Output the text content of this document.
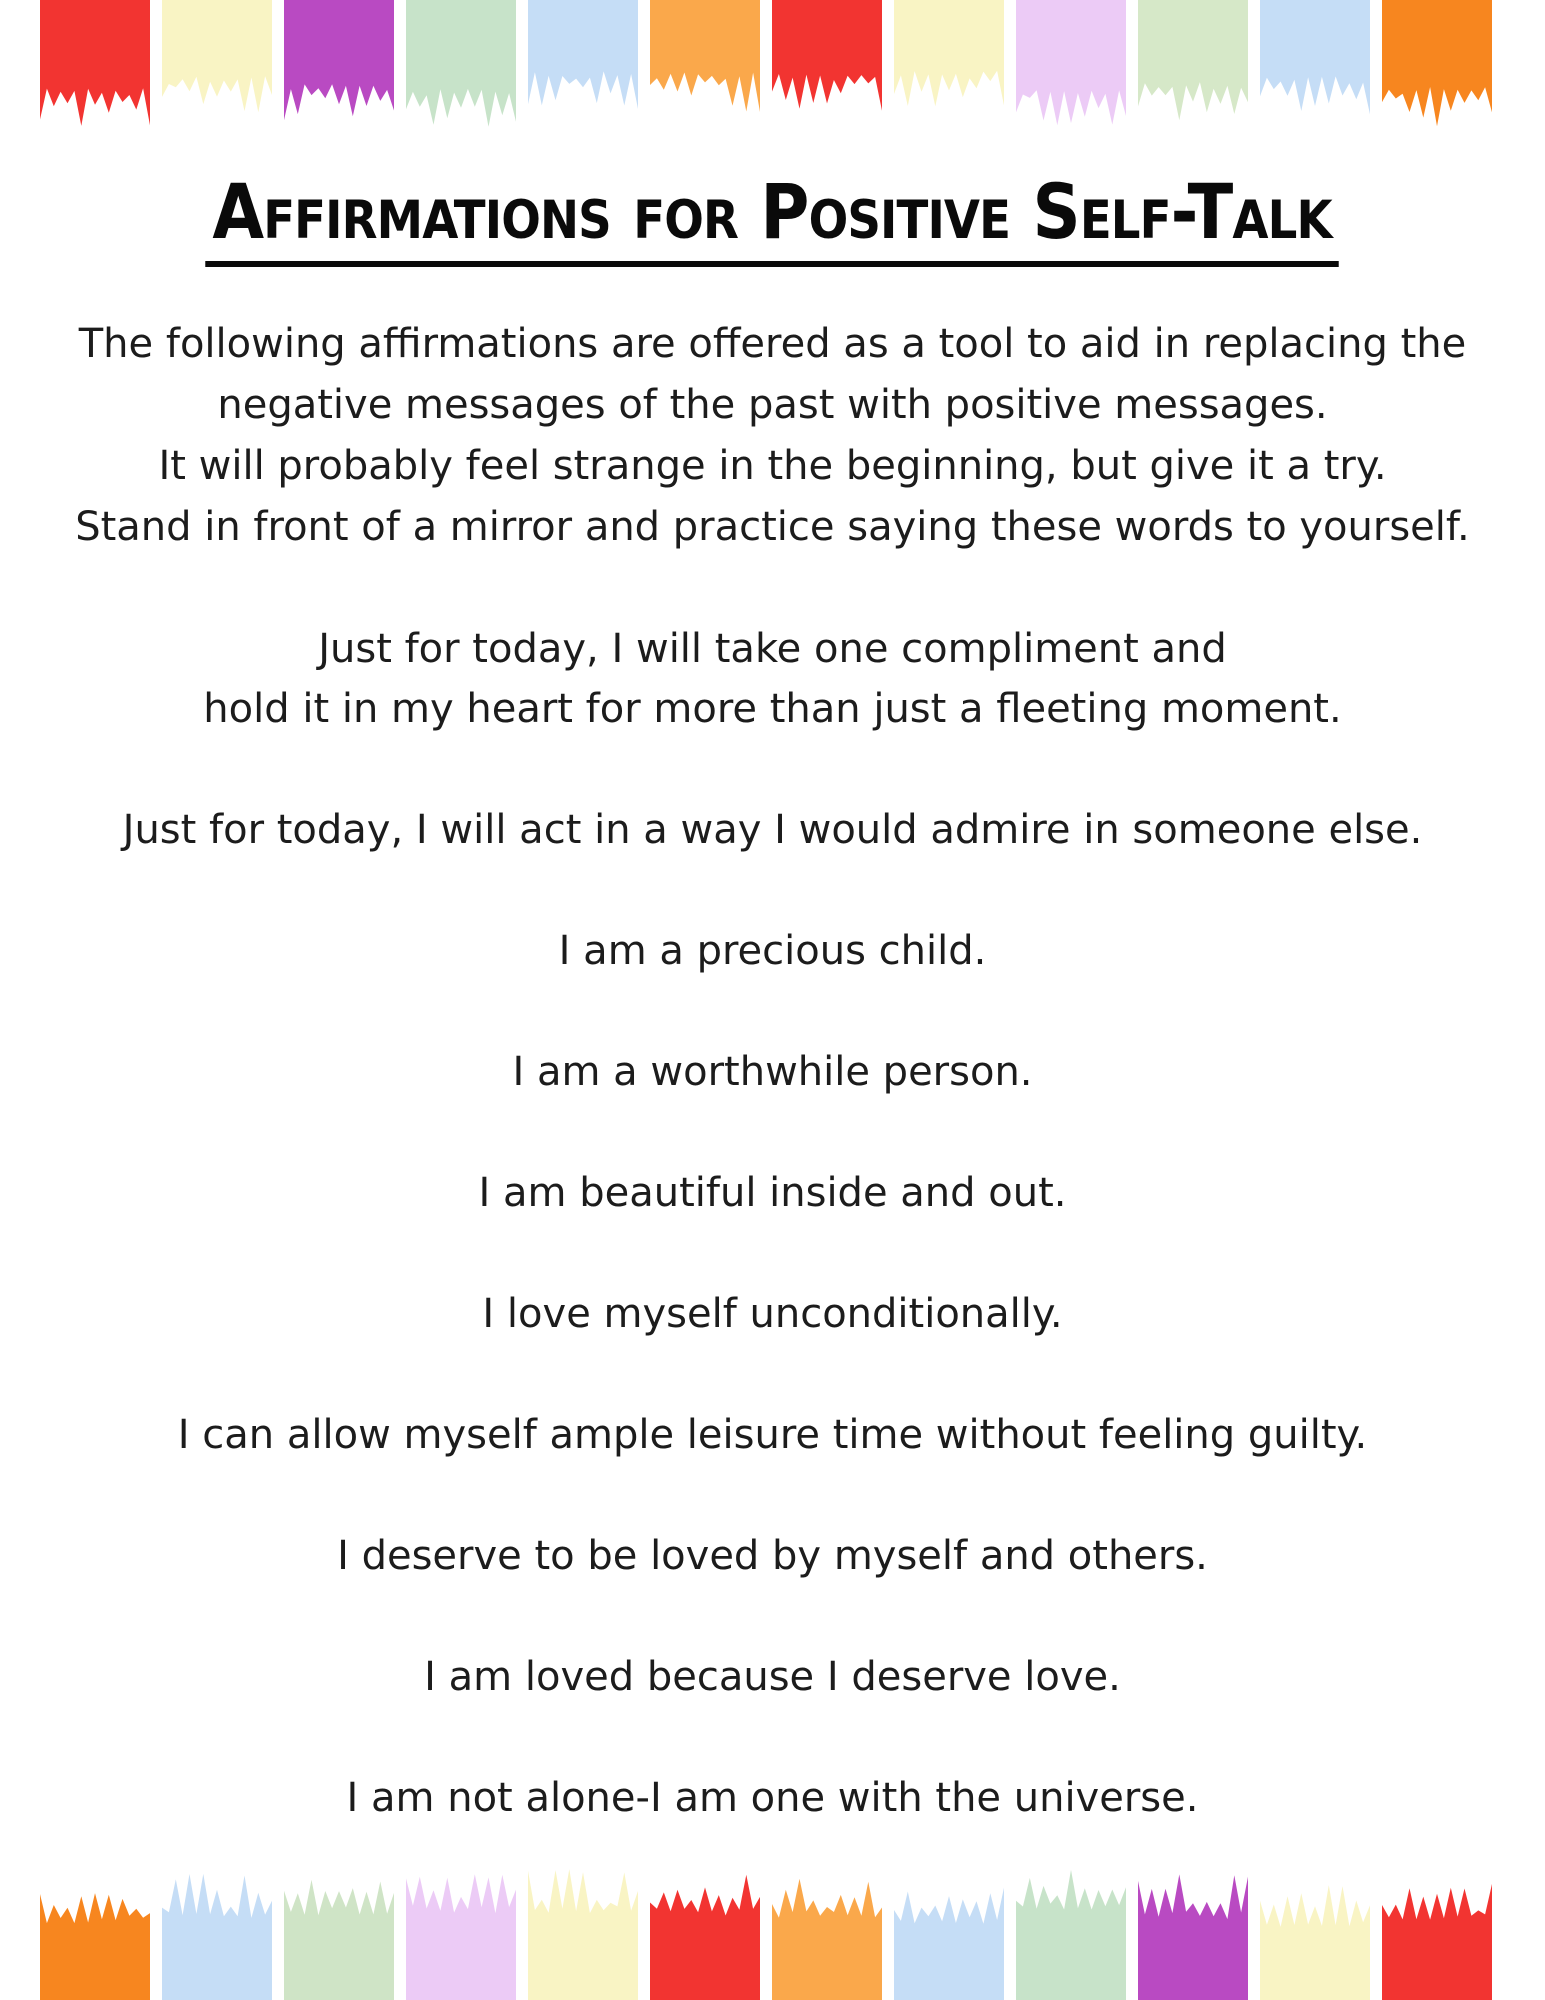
Affirmations for Positive Self-Talk

The following affirmations are offered as a tool to aid in replacing the

negative messages of the past with positive messages.

It will probably feel strange in the beginning, but give it a try.

Stand in front of a mirror and practice saying these words to yourself.

Just for today, I will take one compliment and

hold it in my heart for more than just a fleeting moment.

Just for today, I will act in a way I would admire in someone else.

I am a precious child.

I am a worthwhile person.

I am beautiful inside and out.

I love myself unconditionally.

I can allow myself ample leisure time without feeling guilty.

I deserve to be loved by myself and others.

I am loved because I deserve love.

I am not alone-I am one with the universe.
